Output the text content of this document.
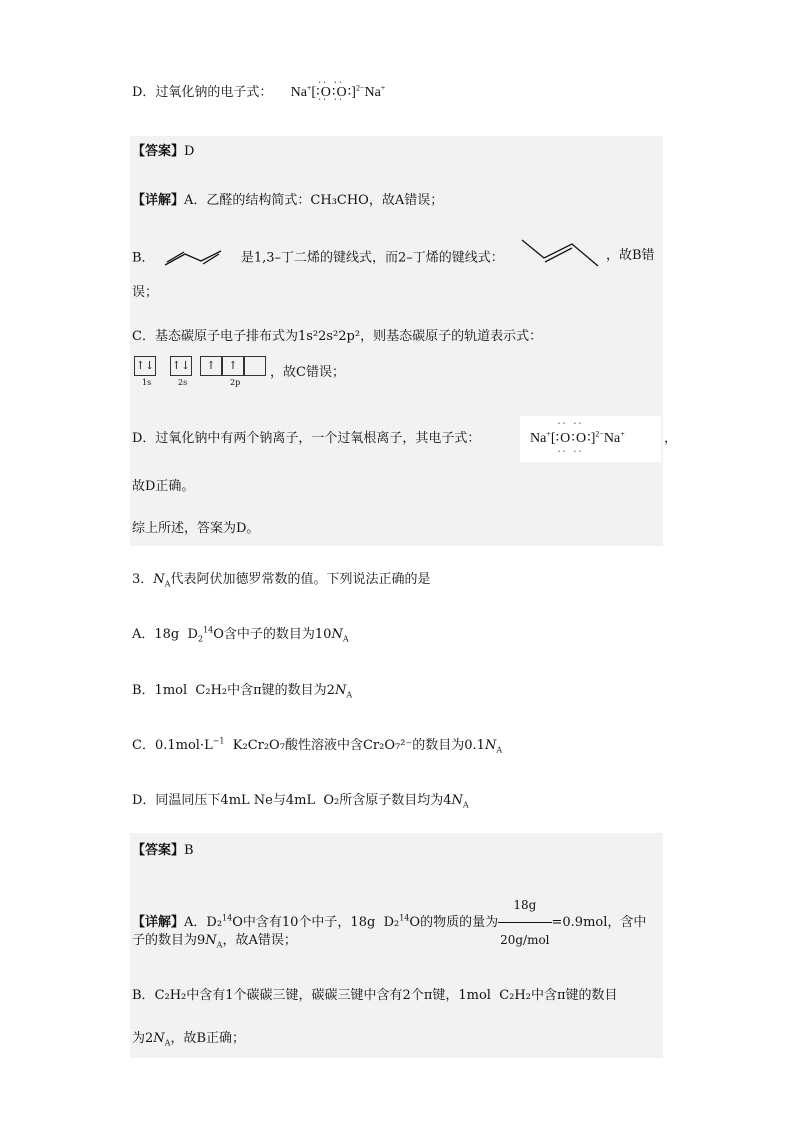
D．过氧化钠的电子式： Na+[∶• • O • •∶• • O • •∶]$^{2-}$Na+
【答案】D
【详解】A．乙醛的结构简式：CH₃CHO，故A错误；
B．	是1,3–丁二烯的键线式，而2–丁烯的键线式：	，故B错
误；
C．基态碳原子电子排布式为1s²2s²2p²，则基态碳原子的轨道表示式：
↑↓
1s
↑↓
2s
↑	↑
2p
，故C错误；
D．过氧化钠中有两个钠离子，一个过氧根离子，其电子式：	Na+[∶• • O • •∶• • O • •∶]$^{2-}$Na+	，
故D正确。
综上所述，答案为D。
3．$N_A$代表阿伏加德罗常数的值。下列说法正确的是
A．18g $D_2^{14}O$含中子的数目为$10N_A$
B．1mol C₂H₂中含π键的数目为$2N_A$
C．$0.1mol\cdot L^{-1}$ K₂Cr₂O₇酸性溶液中含Cr₂O₇²⁻的数目为$0.1N_A$
D．同温同压下4mL Ne与4mL O₂所含原子数目均为$4N_A$
【答案】B
【详解】A．D₂$^{14}$O中含有10个中子，18g D₂$^{14}$O的物质的量为 $\frac{18g}{\text{20g/mol}} =0.9mol$，含中
子的数目为$9N_A$，故A错误；
B．C₂H₂中含有1个碳碳三键，碳碳三键中含有2个π键，1mol C₂H₂中含π键的数目
为$2N_A$，故B正确；
